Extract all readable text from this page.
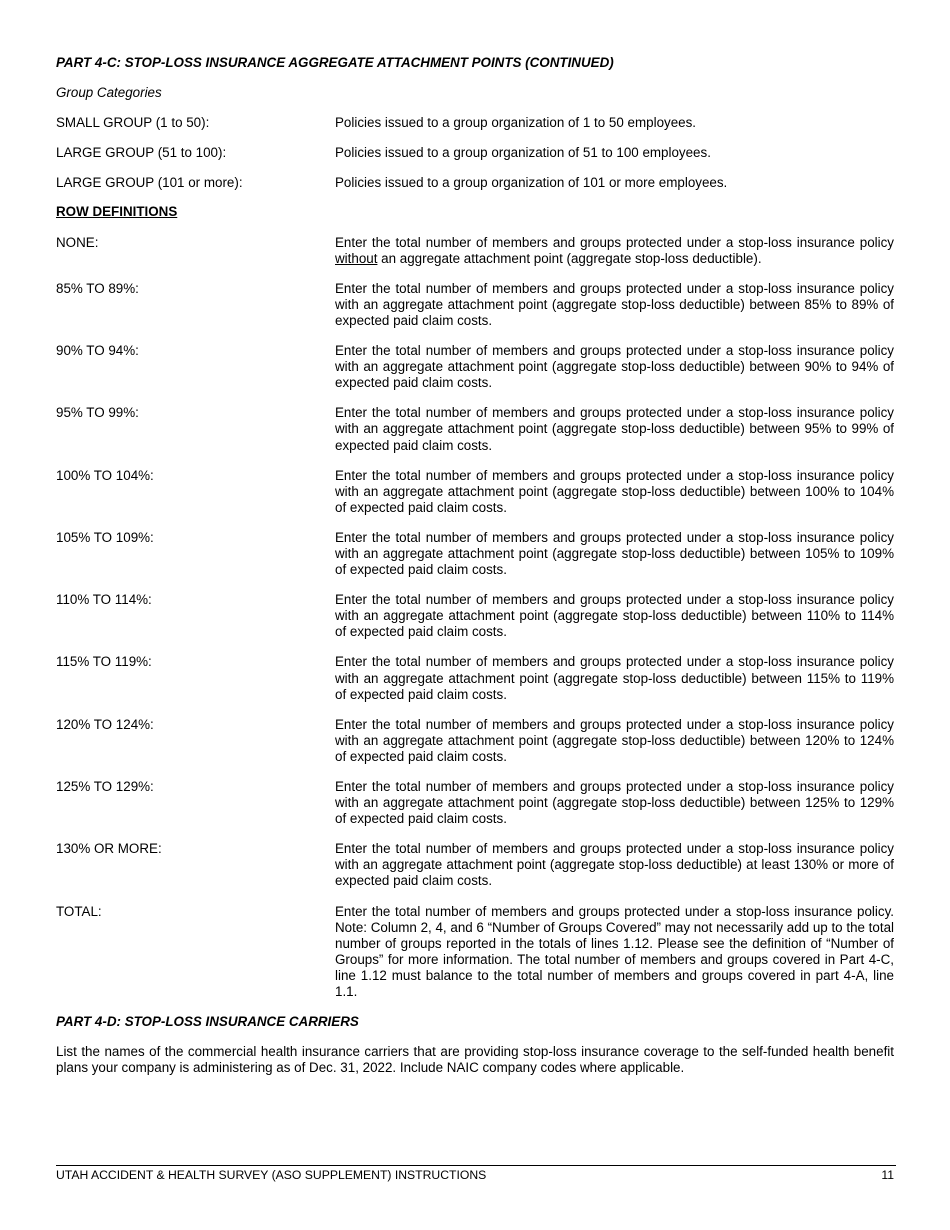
PART 4-C: STOP-LOSS INSURANCE AGGREGATE ATTACHMENT POINTS (CONTINUED)

Group Categories

SMALL GROUP (1 to 50):	Policies issued to a group organization of 1 to 50 employees.
LARGE GROUP (51 to 100):	Policies issued to a group organization of 51 to 100 employees.
LARGE GROUP (101 or more):	Policies issued to a group organization of 101 or more employees.

ROW DEFINITIONS

NONE:	Enter the total number of members and groups protected under a stop-loss insurance policy without an aggregate attachment point (aggregate stop-loss deductible).
85% TO 89%:	Enter the total number of members and groups protected under a stop-loss insurance policy with an aggregate attachment point (aggregate stop-loss deductible) between 85% to 89% of expected paid claim costs.
90% TO 94%:	Enter the total number of members and groups protected under a stop-loss insurance policy with an aggregate attachment point (aggregate stop-loss deductible) between 90% to 94% of expected paid claim costs.
95% TO 99%:	Enter the total number of members and groups protected under a stop-loss insurance policy with an aggregate attachment point (aggregate stop-loss deductible) between 95% to 99% of expected paid claim costs.
100% TO 104%:	Enter the total number of members and groups protected under a stop-loss insurance policy with an aggregate attachment point (aggregate stop-loss deductible) between 100% to 104% of expected paid claim costs.
105% TO 109%:	Enter the total number of members and groups protected under a stop-loss insurance policy with an aggregate attachment point (aggregate stop-loss deductible) between 105% to 109% of expected paid claim costs.
110% TO 114%:	Enter the total number of members and groups protected under a stop-loss insurance policy with an aggregate attachment point (aggregate stop-loss deductible) between 110% to 114% of expected paid claim costs.
115% TO 119%:	Enter the total number of members and groups protected under a stop-loss insurance policy with an aggregate attachment point (aggregate stop-loss deductible) between 115% to 119% of expected paid claim costs.
120% TO 124%:	Enter the total number of members and groups protected under a stop-loss insurance policy with an aggregate attachment point (aggregate stop-loss deductible) between 120% to 124% of expected paid claim costs.
125% TO 129%:	Enter the total number of members and groups protected under a stop-loss insurance policy with an aggregate attachment point (aggregate stop-loss deductible) between 125% to 129% of expected paid claim costs.
130% OR MORE:	Enter the total number of members and groups protected under a stop-loss insurance policy with an aggregate attachment point (aggregate stop-loss deductible) at least 130% or more of expected paid claim costs.
TOTAL:	Enter the total number of members and groups protected under a stop-loss insurance policy. Note: Column 2, 4, and 6 “Number of Groups Covered” may not necessarily add up to the total number of groups reported in the totals of lines 1.12. Please see the definition of “Number of Groups” for more information. The total number of members and groups covered in Part 4-C, line 1.12 must balance to the total number of members and groups covered in part 4-A, line 1.1.

PART 4-D: STOP-LOSS INSURANCE CARRIERS

List the names of the commercial health insurance carriers that are providing stop-loss insurance coverage to the self-funded health benefit plans your company is administering as of Dec. 31, 2022. Include NAIC company codes where applicable.

UTAH ACCIDENT & HEALTH SURVEY (ASO SUPPLEMENT) INSTRUCTIONS	11
